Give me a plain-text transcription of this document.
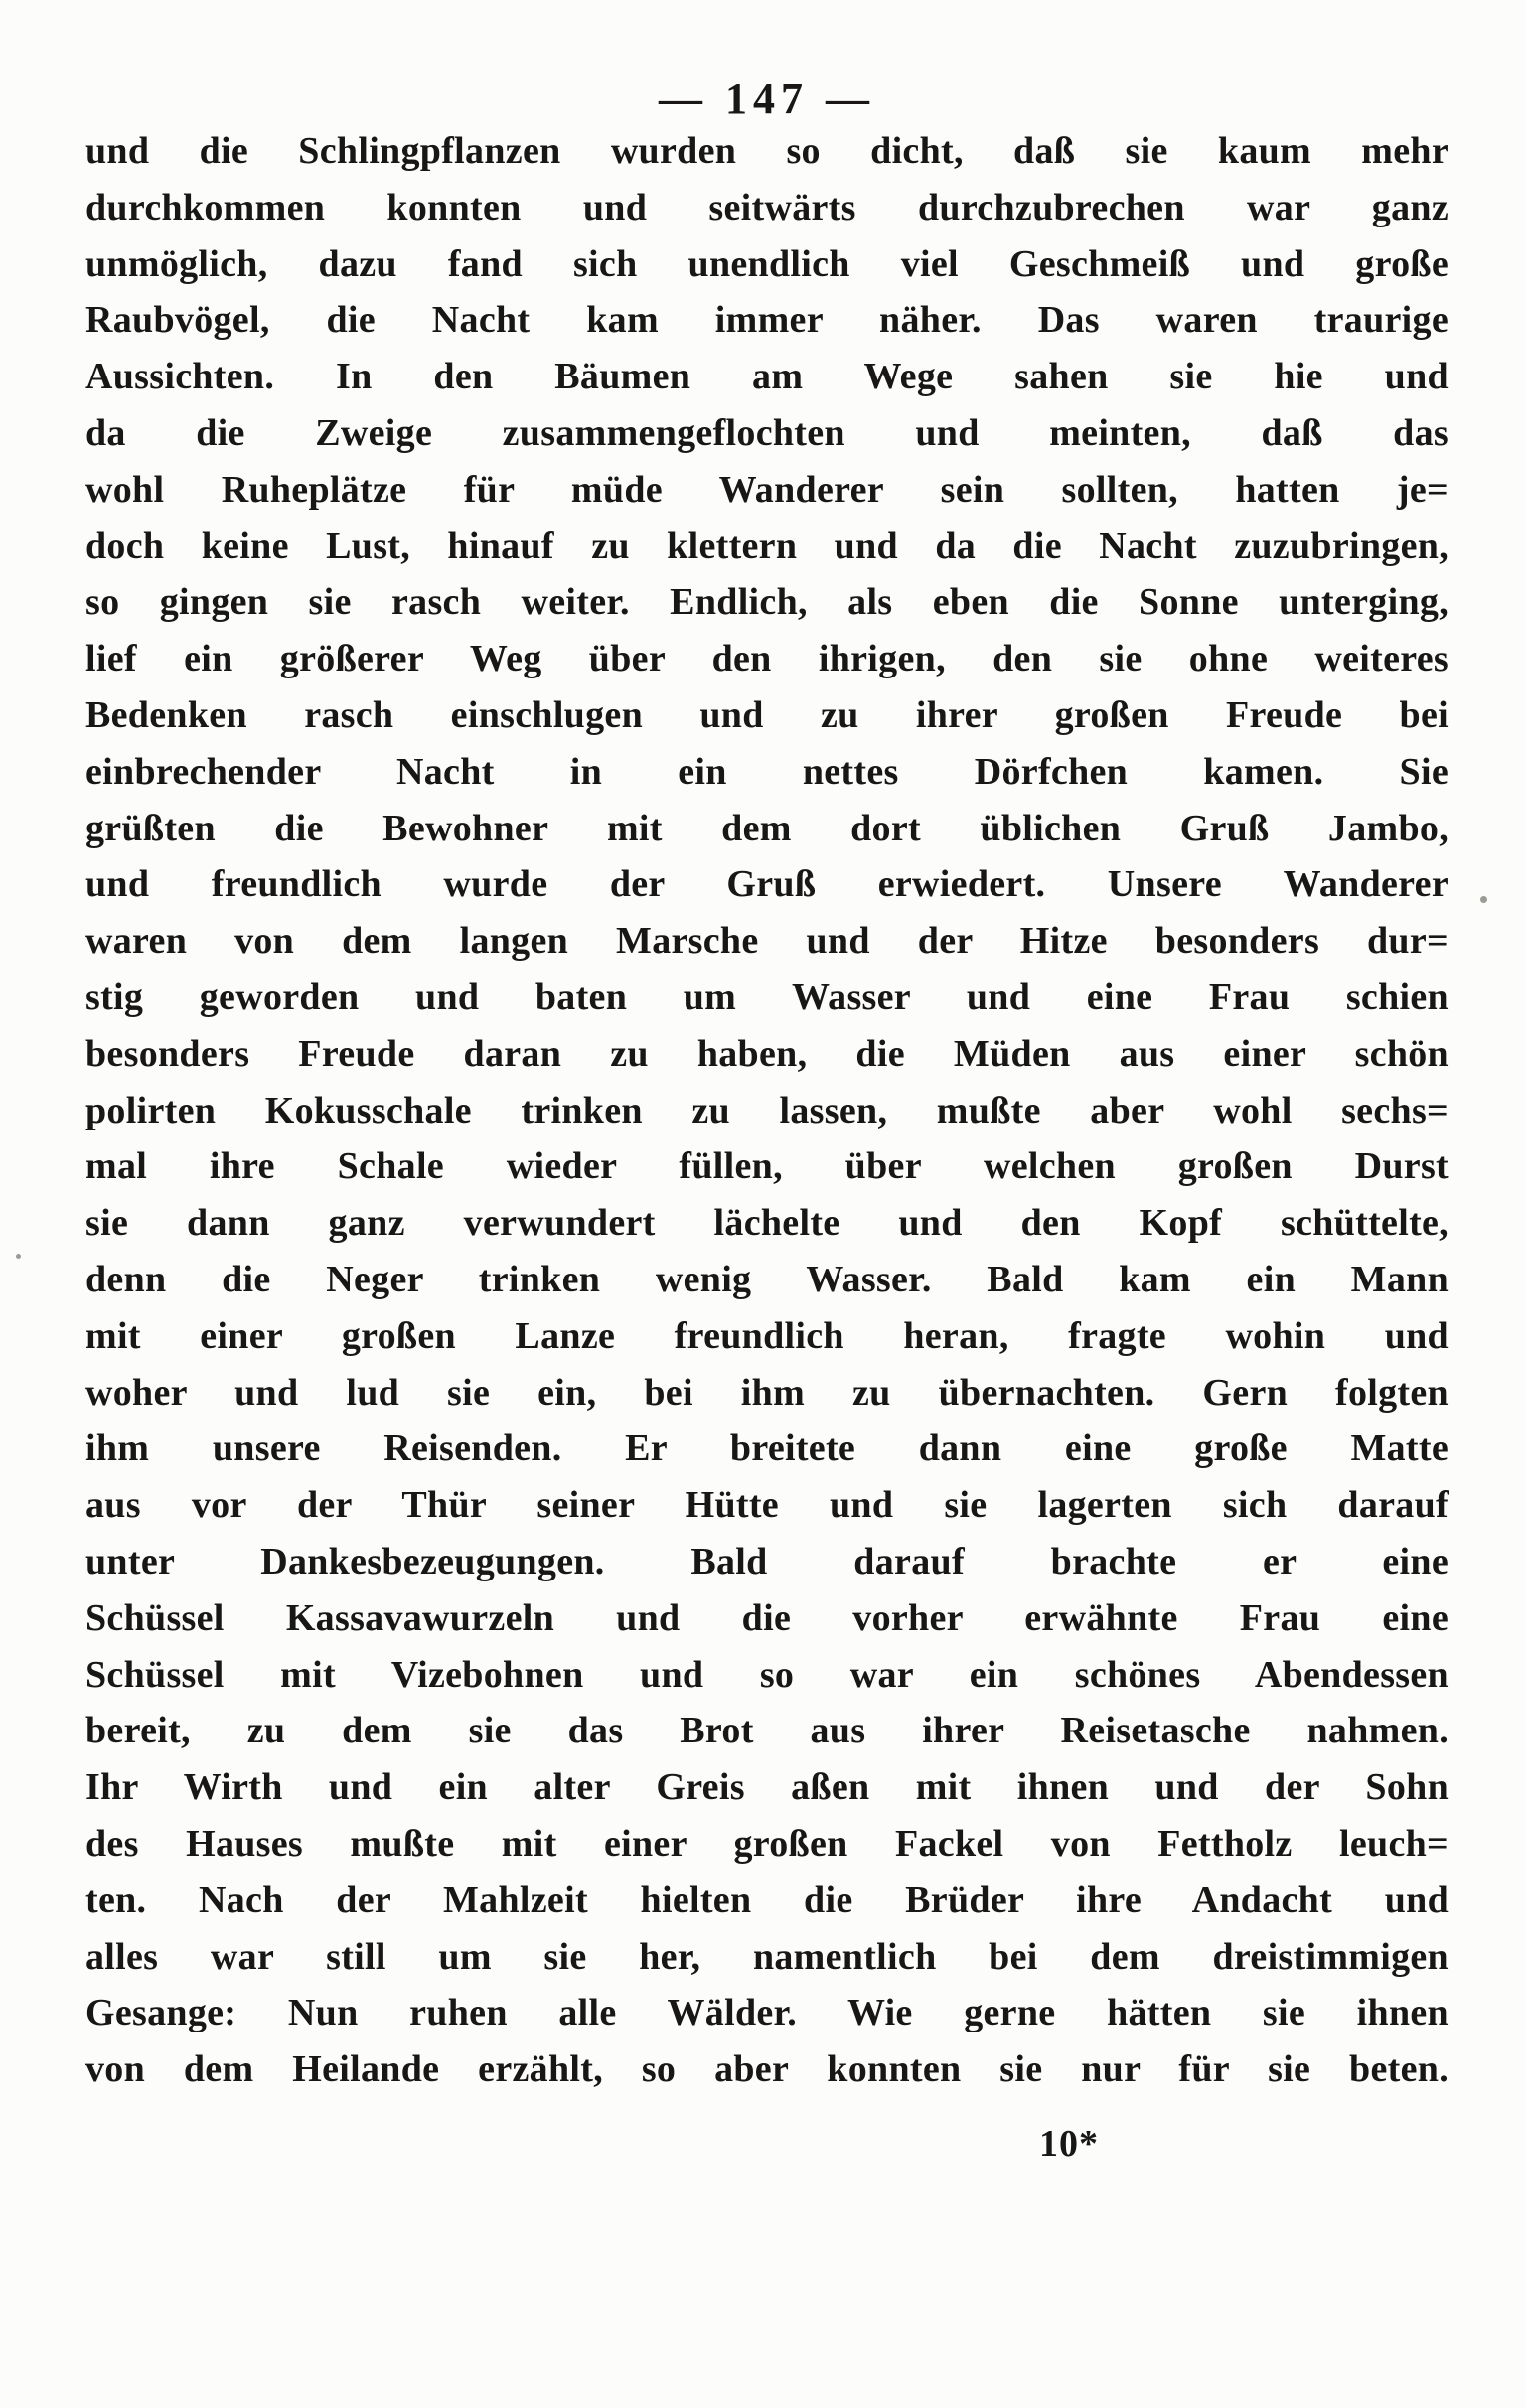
— 147 —
und die Schlingpflanzen wurden so dicht, daß sie kaum mehr
durchkommen konnten und seitwärts durchzubrechen war ganz
unmöglich, dazu fand sich unendlich viel Geschmeiß und große
Raubvögel, die Nacht kam immer näher. Das waren traurige
Aussichten. In den Bäumen am Wege sahen sie hie und
da die Zweige zusammengeflochten und meinten, daß das
wohl Ruheplätze für müde Wanderer sein sollten, hatten je=
doch keine Lust, hinauf zu klettern und da die Nacht zuzubringen,
so gingen sie rasch weiter. Endlich, als eben die Sonne unterging,
lief ein größerer Weg über den ihrigen, den sie ohne weiteres
Bedenken rasch einschlugen und zu ihrer großen Freude bei
einbrechender Nacht in ein nettes Dörfchen kamen. Sie
grüßten die Bewohner mit dem dort üblichen Gruß Jambo,
und freundlich wurde der Gruß erwiedert. Unsere Wanderer
waren von dem langen Marsche und der Hitze besonders dur=
stig geworden und baten um Wasser und eine Frau schien
besonders Freude daran zu haben, die Müden aus einer schön
polirten Kokusschale trinken zu lassen, mußte aber wohl sechs=
mal ihre Schale wieder füllen, über welchen großen Durst
sie dann ganz verwundert lächelte und den Kopf schüttelte,
denn die Neger trinken wenig Wasser. Bald kam ein Mann
mit einer großen Lanze freundlich heran, fragte wohin und
woher und lud sie ein, bei ihm zu übernachten. Gern folgten
ihm unsere Reisenden. Er breitete dann eine große Matte
aus vor der Thür seiner Hütte und sie lagerten sich darauf
unter Dankesbezeugungen. Bald darauf brachte er eine
Schüssel Kassavawurzeln und die vorher erwähnte Frau eine
Schüssel mit Vizebohnen und so war ein schönes Abendessen
bereit, zu dem sie das Brot aus ihrer Reisetasche nahmen.
Ihr Wirth und ein alter Greis aßen mit ihnen und der Sohn
des Hauses mußte mit einer großen Fackel von Fettholz leuch=
ten. Nach der Mahlzeit hielten die Brüder ihre Andacht und
alles war still um sie her, namentlich bei dem dreistimmigen
Gesange: Nun ruhen alle Wälder. Wie gerne hätten sie ihnen
von dem Heilande erzählt, so aber konnten sie nur für sie beten.
10*
